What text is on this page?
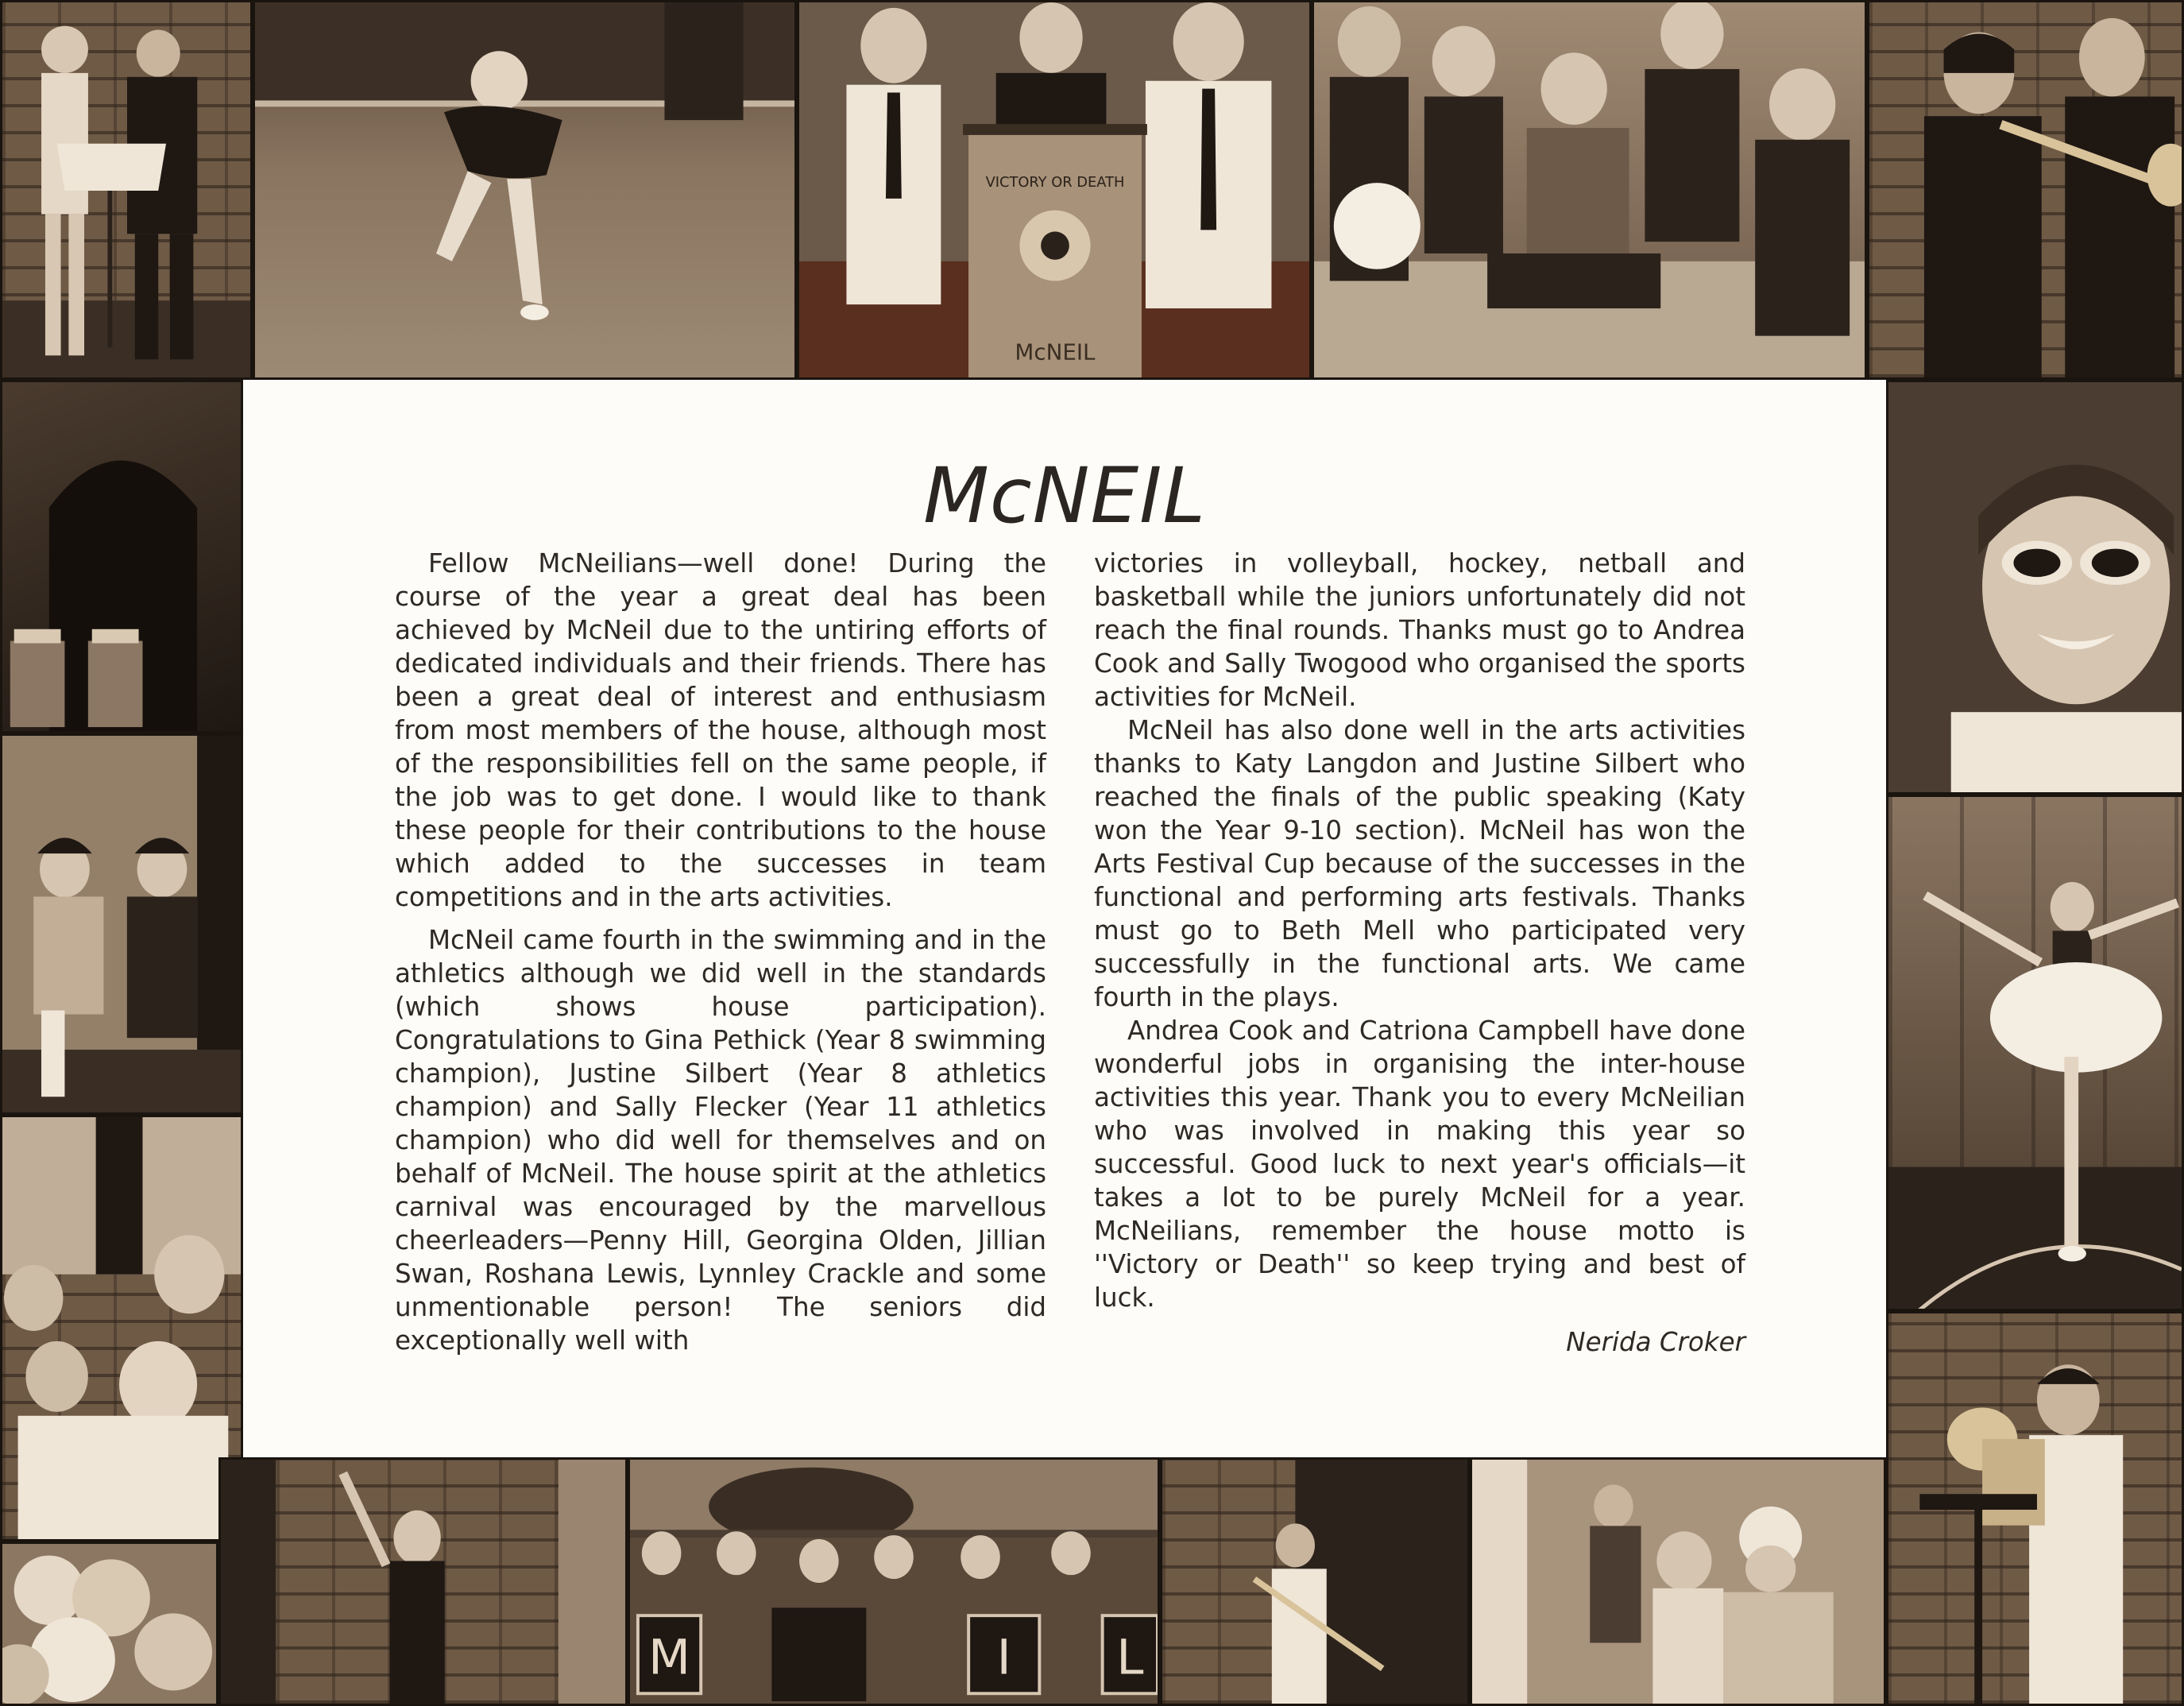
VICTORY OR DEATH
McNEIL
M	I L
McNEIL

Fellow McNeilians—well done! During the course of the year a great deal has been achieved by McNeil due to the untiring efforts of dedicated individuals and their friends. There has been a great deal of interest and enthusiasm from most members of the house, although most of the responsibilities fell on the same people, if the job was to get done. I would like to thank these people for their contributions to the house which added to the successes in team competitions and in the arts activities.

McNeil came fourth in the swimming and in the athletics although we did well in the standards (which shows house participation). Congratulations to Gina Pethick (Year 8 swimming champion), Justine Silbert (Year 8 athletics champion) and Sally Flecker (Year 11 athletics champion) who did well for themselves and on behalf of McNeil. The house spirit at the athletics carnival was encouraged by the marvellous cheerleaders—Penny Hill, Georgina Olden, Jillian Swan, Roshana Lewis, Lynnley Crackle and some unmentionable person! The seniors did exceptionally well with

victories in volleyball, hockey, netball and basketball while the juniors unfortunately did not reach the final rounds. Thanks must go to Andrea Cook and Sally Twogood who organised the sports activities for McNeil.

McNeil has also done well in the arts activities thanks to Katy Langdon and Justine Silbert who reached the finals of the public speaking (Katy won the Year 9-10 section). McNeil has won the Arts Festival Cup because of the successes in the functional and performing arts festivals. Thanks must go to Beth Mell who participated very successfully in the functional arts. We came fourth in the plays.

Andrea Cook and Catriona Campbell have done wonderful jobs in organising the inter-house activities this year. Thank you to every McNeilian who was involved in making this year so successful. Good luck to next year's officials—it takes a lot to be purely McNeil for a year. McNeilians, remember the house motto is ''Victory or Death'' so keep trying and best of luck.

Nerida Croker
